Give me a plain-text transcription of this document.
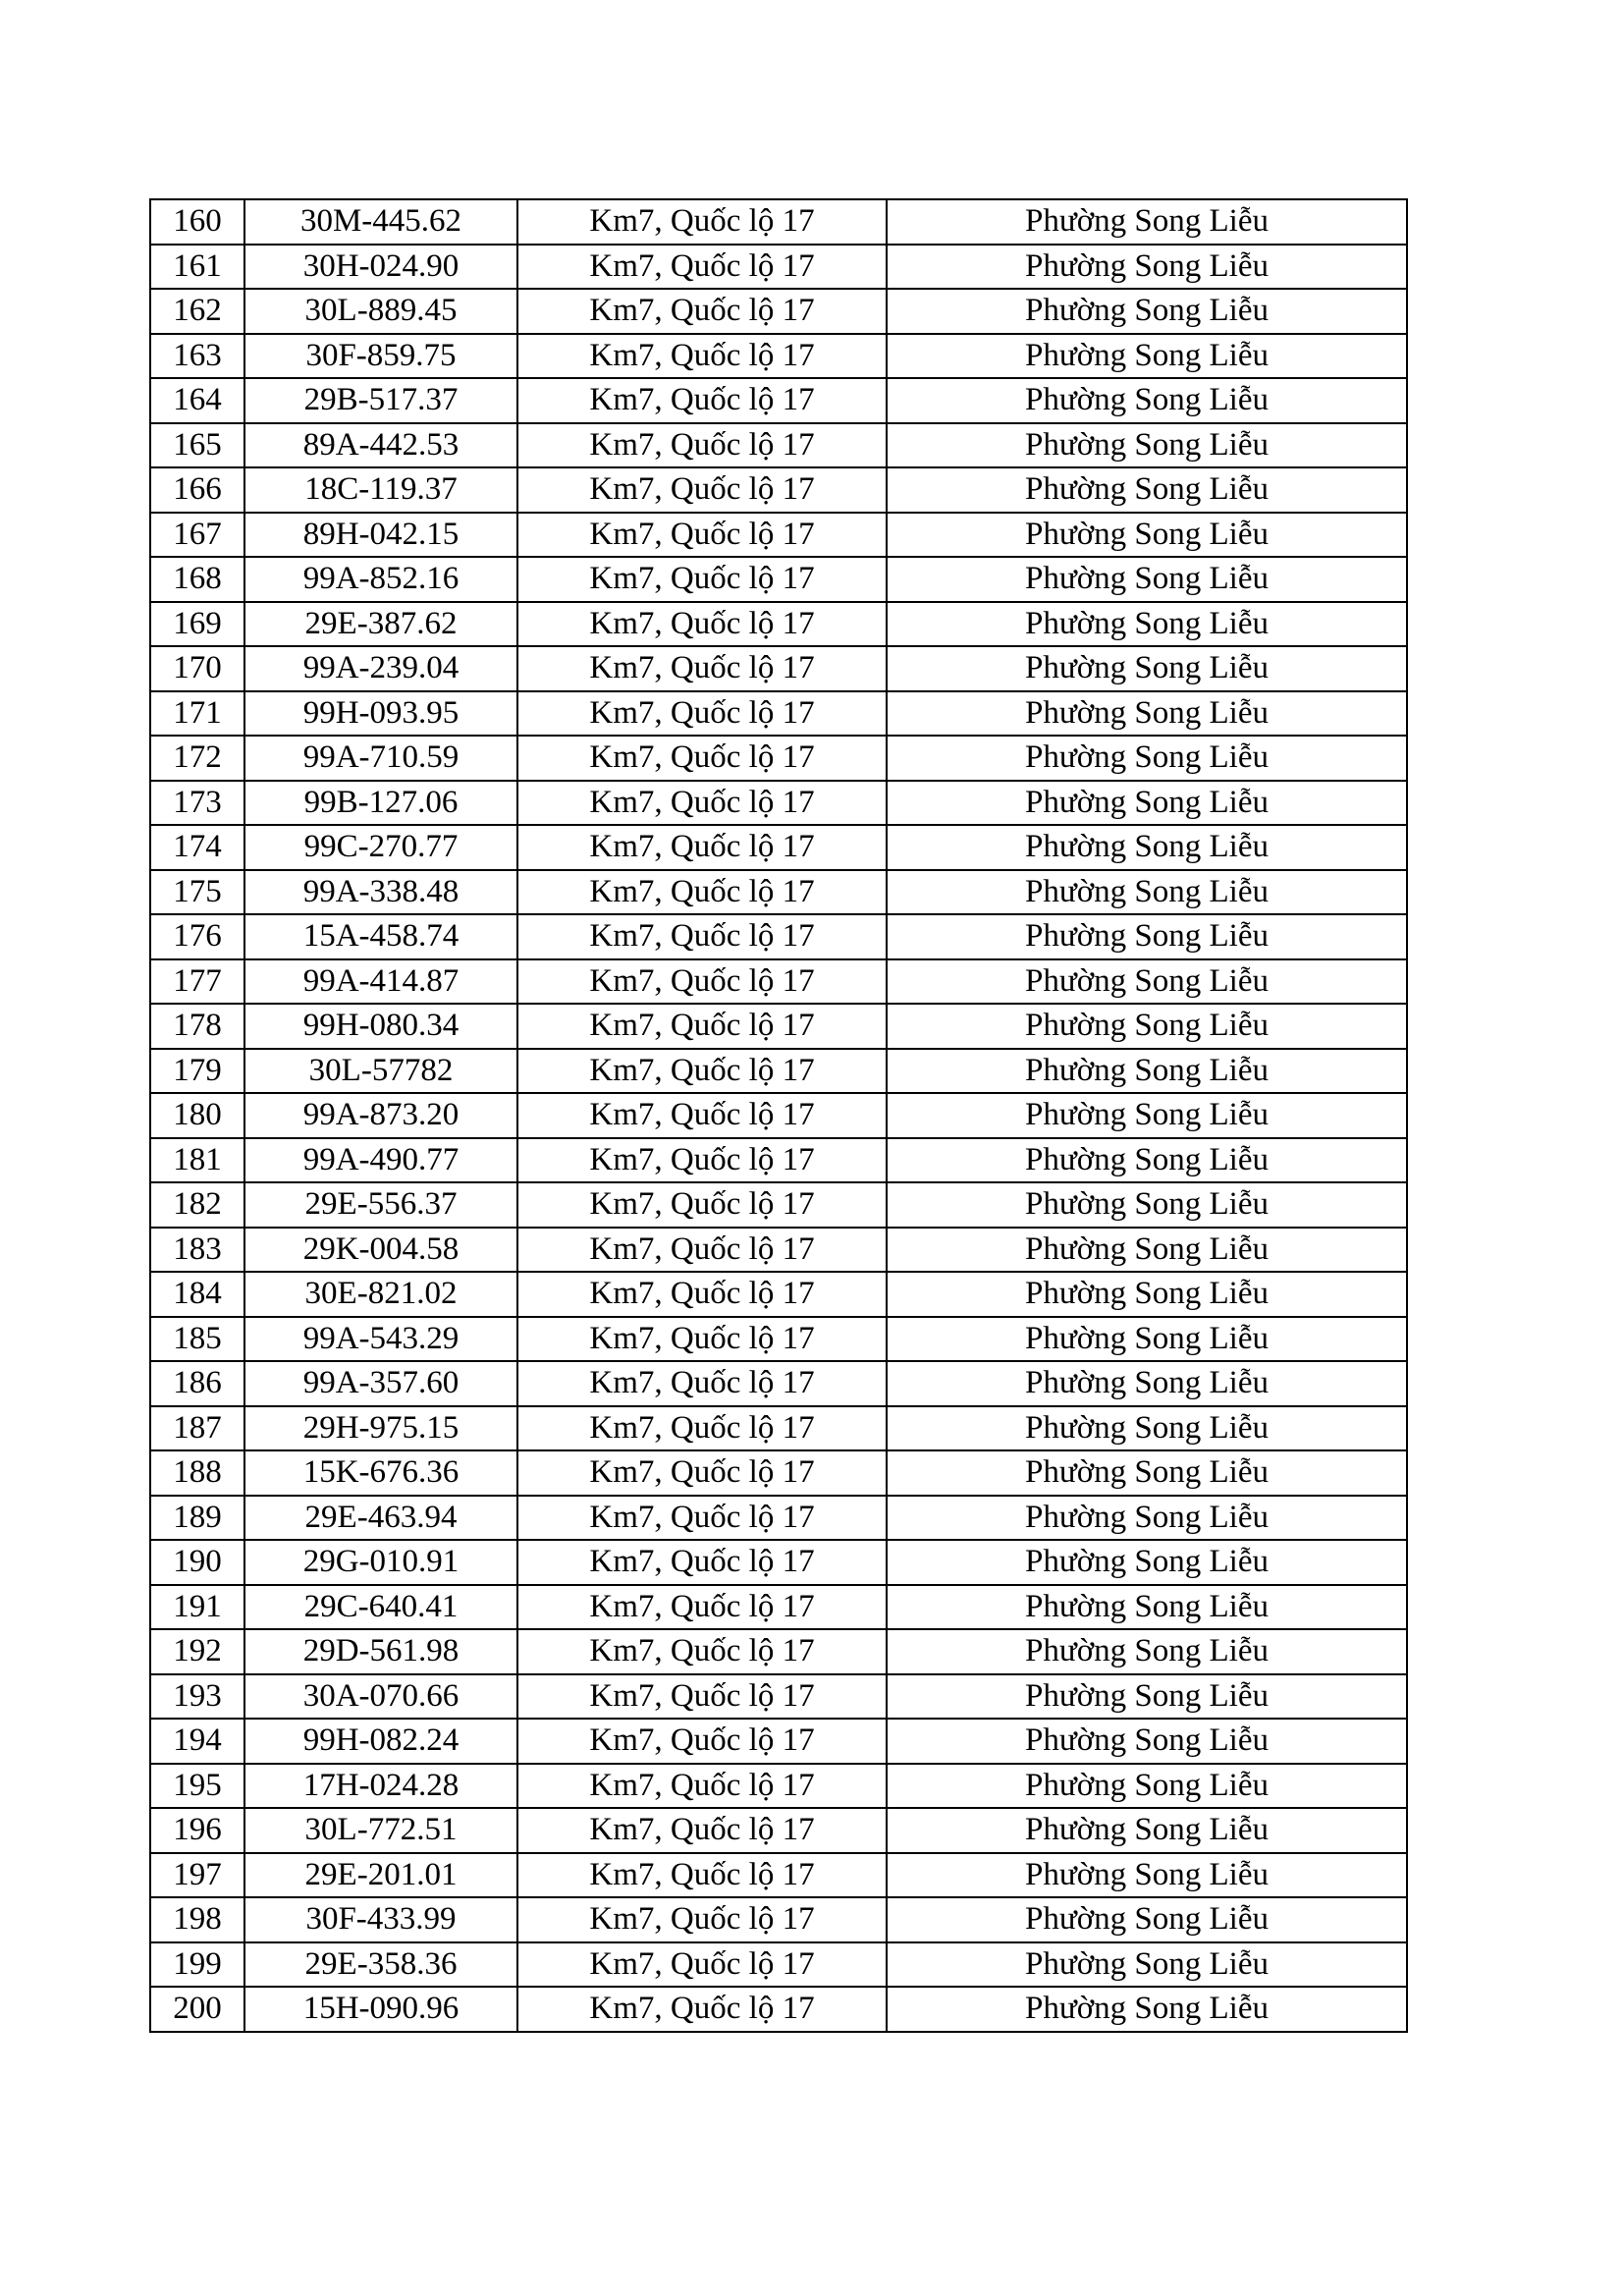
160	30M-445.62	Km7, Quốc lộ 17	Phường Song Liễu
161	30H-024.90	Km7, Quốc lộ 17	Phường Song Liễu
162	30L-889.45	Km7, Quốc lộ 17	Phường Song Liễu
163	30F-859.75	Km7, Quốc lộ 17	Phường Song Liễu
164	29B-517.37	Km7, Quốc lộ 17	Phường Song Liễu
165	89A-442.53	Km7, Quốc lộ 17	Phường Song Liễu
166	18C-119.37	Km7, Quốc lộ 17	Phường Song Liễu
167	89H-042.15	Km7, Quốc lộ 17	Phường Song Liễu
168	99A-852.16	Km7, Quốc lộ 17	Phường Song Liễu
169	29E-387.62	Km7, Quốc lộ 17	Phường Song Liễu
170	99A-239.04	Km7, Quốc lộ 17	Phường Song Liễu
171	99H-093.95	Km7, Quốc lộ 17	Phường Song Liễu
172	99A-710.59	Km7, Quốc lộ 17	Phường Song Liễu
173	99B-127.06	Km7, Quốc lộ 17	Phường Song Liễu
174	99C-270.77	Km7, Quốc lộ 17	Phường Song Liễu
175	99A-338.48	Km7, Quốc lộ 17	Phường Song Liễu
176	15A-458.74	Km7, Quốc lộ 17	Phường Song Liễu
177	99A-414.87	Km7, Quốc lộ 17	Phường Song Liễu
178	99H-080.34	Km7, Quốc lộ 17	Phường Song Liễu
179	30L-57782	Km7, Quốc lộ 17	Phường Song Liễu
180	99A-873.20	Km7, Quốc lộ 17	Phường Song Liễu
181	99A-490.77	Km7, Quốc lộ 17	Phường Song Liễu
182	29E-556.37	Km7, Quốc lộ 17	Phường Song Liễu
183	29K-004.58	Km7, Quốc lộ 17	Phường Song Liễu
184	30E-821.02	Km7, Quốc lộ 17	Phường Song Liễu
185	99A-543.29	Km7, Quốc lộ 17	Phường Song Liễu
186	99A-357.60	Km7, Quốc lộ 17	Phường Song Liễu
187	29H-975.15	Km7, Quốc lộ 17	Phường Song Liễu
188	15K-676.36	Km7, Quốc lộ 17	Phường Song Liễu
189	29E-463.94	Km7, Quốc lộ 17	Phường Song Liễu
190	29G-010.91	Km7, Quốc lộ 17	Phường Song Liễu
191	29C-640.41	Km7, Quốc lộ 17	Phường Song Liễu
192	29D-561.98	Km7, Quốc lộ 17	Phường Song Liễu
193	30A-070.66	Km7, Quốc lộ 17	Phường Song Liễu
194	99H-082.24	Km7, Quốc lộ 17	Phường Song Liễu
195	17H-024.28	Km7, Quốc lộ 17	Phường Song Liễu
196	30L-772.51	Km7, Quốc lộ 17	Phường Song Liễu
197	29E-201.01	Km7, Quốc lộ 17	Phường Song Liễu
198	30F-433.99	Km7, Quốc lộ 17	Phường Song Liễu
199	29E-358.36	Km7, Quốc lộ 17	Phường Song Liễu
200	15H-090.96	Km7, Quốc lộ 17	Phường Song Liễu
